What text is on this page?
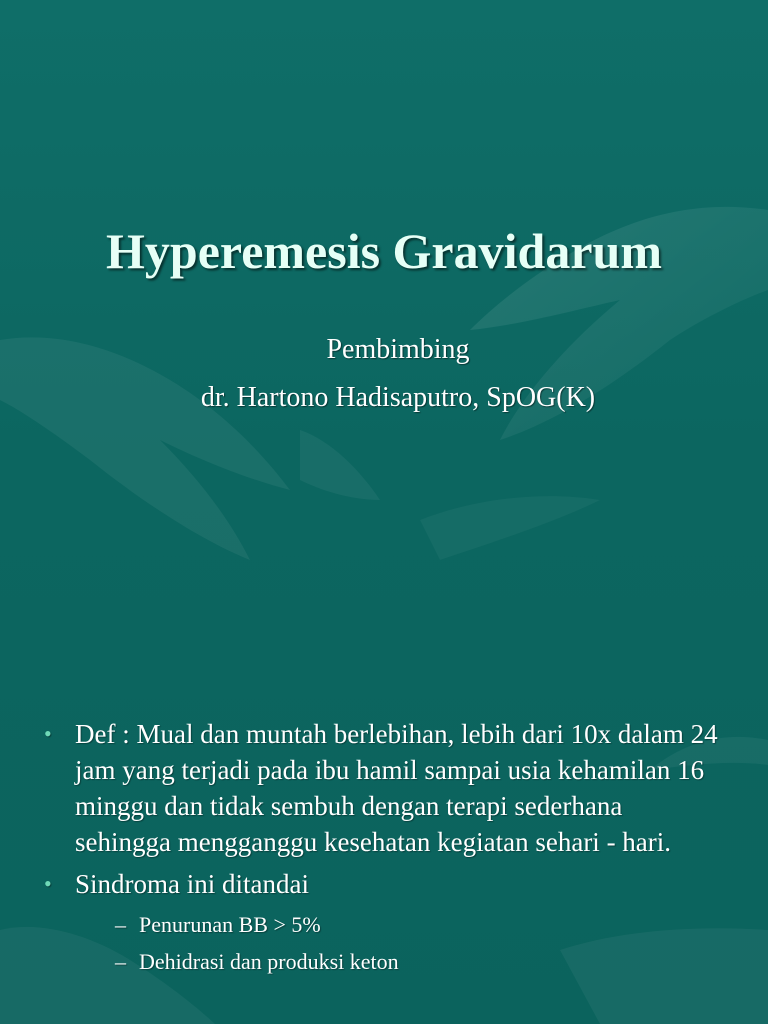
Hyperemesis Gravidarum
Pembimbing
dr. Hartono Hadisaputro, SpOG(K)
• Def : Mual dan muntah berlebihan, lebih dari 10x dalam 24 jam yang terjadi pada ibu hamil sampai usia kehamilan 16 minggu dan tidak sembuh dengan terapi sederhana sehingga mengganggu kesehatan kegiatan sehari - hari.
• Sindroma ini ditandai
– Penurunan BB > 5%
– Dehidrasi dan produksi keton
